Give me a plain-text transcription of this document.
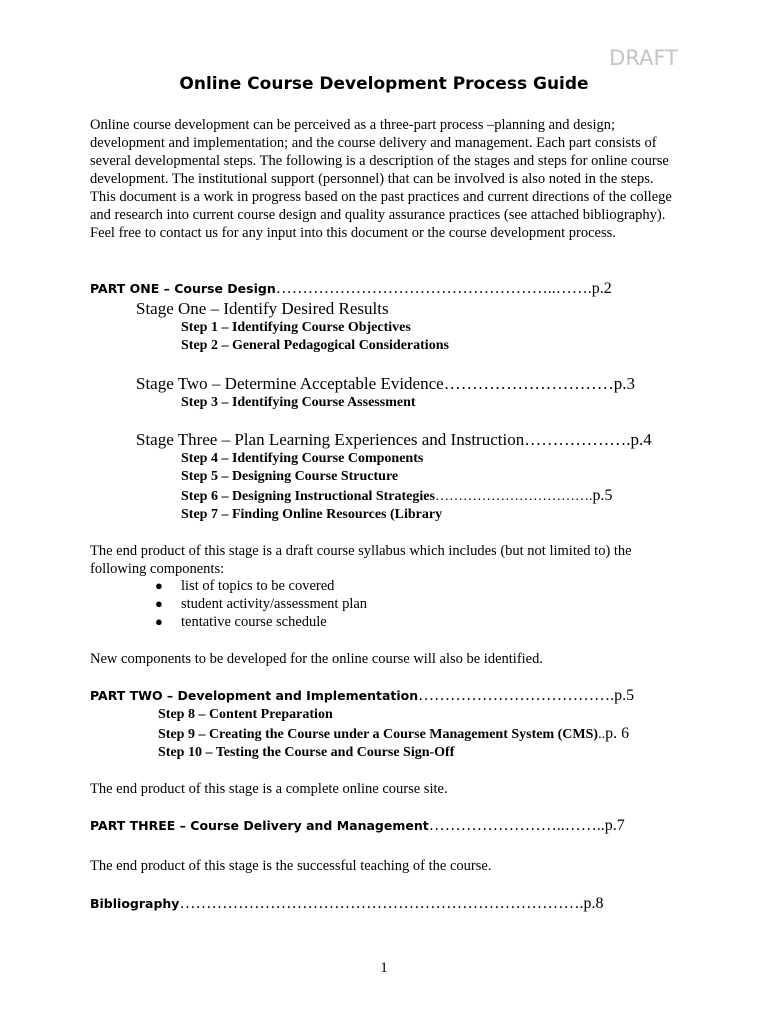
DRAFT
Online Course Development Process Guide

Online course development can be perceived as a three-part process –planning and design; development and implementation; and the course delivery and management. Each part consists of several developmental steps. The following is a description of the stages and steps for online course development. The institutional support (personnel) that can be involved is also noted in the steps. This document is a work in progress based on the past practices and current directions of the college and research into current course design and quality assurance practices (see attached bibliography). Feel free to contact us for any input into this document or the course development process.

PART ONE – Course Design……………………………………………..…….p.2
Stage One – Identify Desired Results
Step 1 – Identifying Course Objectives
Step 2 – General Pedagogical Considerations
Stage Two – Determine Acceptable Evidence…………………………p.3
Step 3 – Identifying Course Assessment
Stage Three – Plan Learning Experiences and Instruction……………….p.4
Step 4 – Identifying Course Components
Step 5 – Designing Course Structure
Step 6 – Designing Instructional Strategies…………………………….p.5
Step 7 – Finding Online Resources (Library

The end product of this stage is a draft course syllabus which includes (but not limited to) the following components:

● list of topics to be covered
● student activity/assessment plan
● tentative course schedule

New components to be developed for the online course will also be identified.

PART TWO – Development and Implementation……………………………….p.5
Step 8 – Content Preparation
Step 9 – Creating the Course under a Course Management System (CMS)..p. 6
Step 10 – Testing the Course and Course Sign-Off

The end product of this stage is a complete online course site.

PART THREE – Course Delivery and Management……………………..……..p.7

The end product of this stage is the successful teaching of the course.

Bibliography………………………………………………………………….p.8
1
